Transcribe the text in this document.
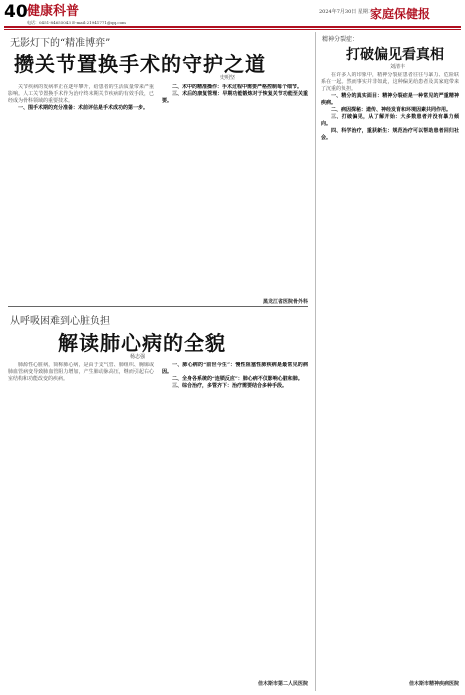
40 健康科普
电话：0451-84655043 E-mail:21941771@qq.com
2024年7月30日 星期二
家庭保健报
无影灯下的“精准博弈”
攒关节置换手术的守护之道
史明坚

关节疾病的发病率正在逐年攀升，给患者的生活质量带来严重影响。人工关节置换手术作为治疗终末期关节疾病的有效手段，已经成为骨科领域的重要技术。

一、围手术期的充分准备：术前评估是手术成功的第一步。

二、术中的精准操作：手术过程中需要严格控制每个细节。

三、术后的康复管理：早期功能锻炼对于恢复关节功能至关重要。

黑龙江省医院骨外科
从呼吸困难到心脏负担
解读肺心病的全貌
杨志强

肺源性心脏病，简称肺心病，是由于支气管、肺组织、胸廓或肺血管病变导致肺血管阻力增加，产生肺动脉高压，继而引起右心室结构和功能改变的疾病。

一、肺心病的“前世今生”：慢性阻塞性肺疾病是最常见的病因。

二、全身各系统的“连锁反应”：肺心病不仅影响心脏和肺。

三、综合治疗，多管齐下：治疗需要结合多种手段。

佳木斯市第二人民医院
精神分裂症：
打破偏见看真相
刘清丰

在许多人的印象中，精神分裂症患者往往与暴力、危险联系在一起。然而事实并非如此，这种偏见给患者及其家庭带来了沉重的负担。

一、精分的真实面目：精神分裂症是一种常见的严重精神疾病。

二、病因探秘：遗传、神经发育和环境因素共同作用。

三、打破偏见，从了解开始：大多数患者并没有暴力倾向。

四、科学治疗，重获新生：规范治疗可以帮助患者回归社会。

佳木斯市精神疾病医院
